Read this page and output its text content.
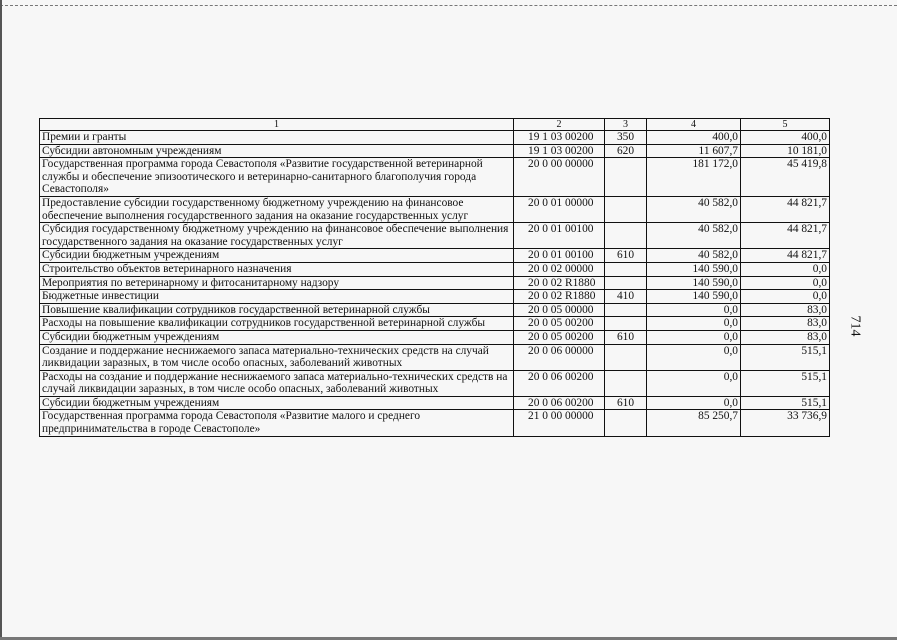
1	2	3	4	5
Премии и гранты	19 1 03 00200	350	400,0	400,0
Субсидии автономным учреждениям	19 1 03 00200	620	11 607,7	10 181,0
Государственная программа города Севастополя «Развитие государственной ветеринарной службы и обеспечение эпизоотического и ветеринарно-санитарного благополучия города Севастополя»	20 0 00 00000		181 172,0	45 419,8
Предоставление субсидии государственному бюджетному учреждению на финансовое обеспечение выполнения государственного задания на оказание государственных услуг	20 0 01 00000		40 582,0	44 821,7
Субсидия государственному бюджетному учреждению на финансовое обеспечение выполнения государственного задания на оказание государственных услуг	20 0 01 00100		40 582,0	44 821,7
Субсидии бюджетным учреждениям	20 0 01 00100	610	40 582,0	44 821,7
Строительство объектов ветеринарного назначения	20 0 02 00000		140 590,0	0,0
Мероприятия по ветеринарному и фитосанитарному надзору	20 0 02 R1880		140 590,0	0,0
Бюджетные инвестиции	20 0 02 R1880	410	140 590,0	0,0
Повышение квалификации сотрудников государственной ветеринарной службы	20 0 05 00000		0,0	83,0
Расходы на повышение квалификации сотрудников государственной ветеринарной службы	20 0 05 00200		0,0	83,0
Субсидии бюджетным учреждениям	20 0 05 00200	610	0,0	83,0
Создание и поддержание неснижаемого запаса материально-технических средств на случай ликвидации заразных, в том числе особо опасных, заболеваний животных	20 0 06 00000		0,0	515,1
Расходы на создание и поддержание неснижаемого запаса материально-технических средств на случай ликвидации заразных, в том числе особо опасных, заболеваний животных	20 0 06 00200		0,0	515,1
Субсидии бюджетным учреждениям	20 0 06 00200	610	0,0	515,1
Государственная программа города Севастополя «Развитие малого и среднего предпринимательства в городе Севастополе»	21 0 00 00000		85 250,7	33 736,9
714
